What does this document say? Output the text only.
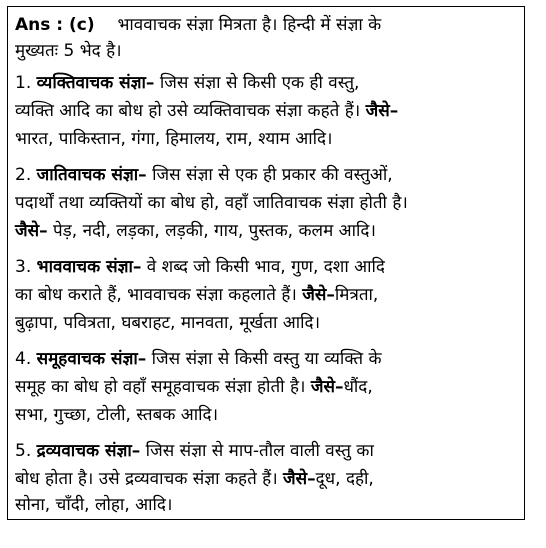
Ans : (c) भाववाचक संज्ञा मित्रता है। हिन्दी में संज्ञा के
मुख्यतः 5 भेद है।
1. व्यक्तिवाचक संज्ञा– जिस संज्ञा से किसी एक ही वस्तु,
व्यक्ति आदि का बोध हो उसे व्यक्तिवाचक संज्ञा कहते हैं। जैसे–
भारत, पाकिस्तान, गंगा, हिमालय, राम, श्याम आदि।
2. जातिवाचक संज्ञा– जिस संज्ञा से एक ही प्रकार की वस्तुओं,
पदार्थों तथा व्यक्तियों का बोध हो, वहाँ जातिवाचक संज्ञा होती है।
जैसे– पेड़, नदी, लड़का, लड़की, गाय, पुस्तक, कलम आदि।
3. भाववाचक संज्ञा– वे शब्द जो किसी भाव, गुण, दशा आदि
का बोध कराते हैं, भाववाचक संज्ञा कहलाते हैं। जैसे–मित्रता,
बुढ़ापा, पवित्रता, घबराहट, मानवता, मूर्खता आदि।
4. समूहवाचक संज्ञा– जिस संज्ञा से किसी वस्तु या व्यक्ति के
समूह का बोध हो वहाँ समूहवाचक संज्ञा होती है। जैसे–धौंद,
सभा, गुच्छा, टोली, स्तबक आदि।
5. द्रव्यवाचक संज्ञा– जिस संज्ञा से माप-तौल वाली वस्तु का
बोध होता है। उसे द्रव्यवाचक संज्ञा कहते हैं। जैसे–दूध, दही,
सोना, चाँदी, लोहा, आदि।
